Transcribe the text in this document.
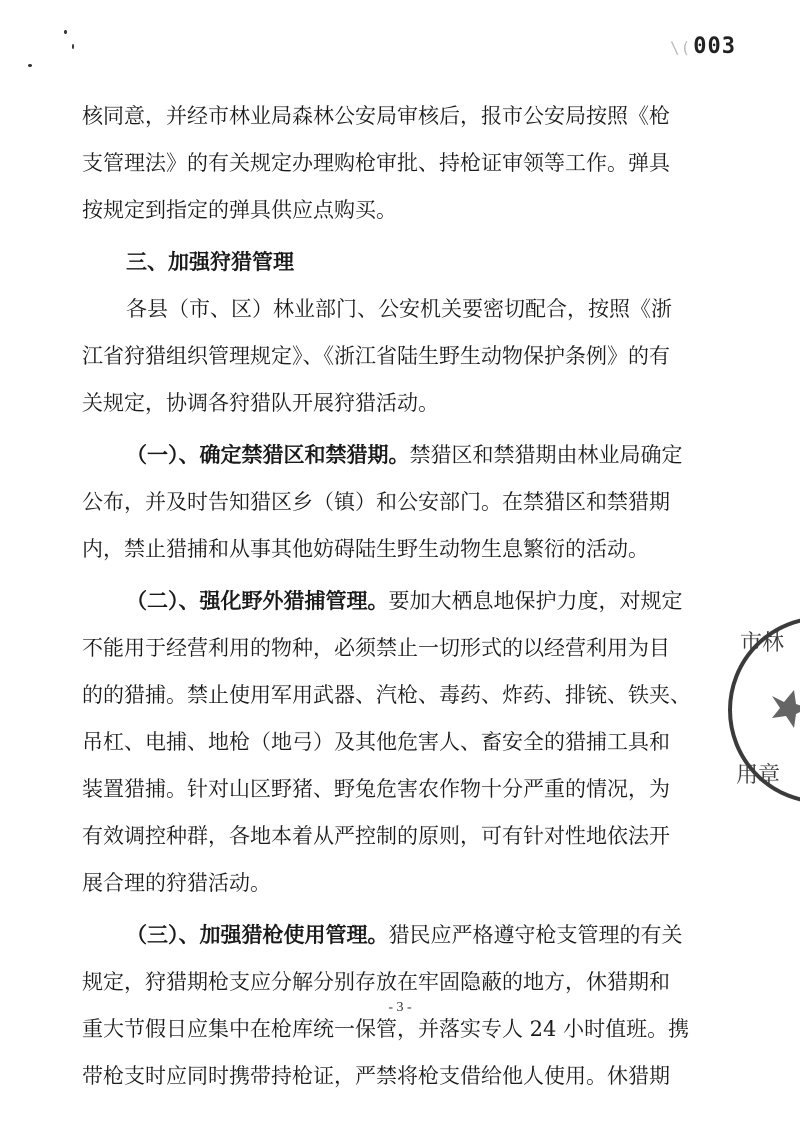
\(003
核同意，并经市林业局森林公安局审核后，报市公安局按照《枪
支管理法》的有关规定办理购枪审批、持枪证审领等工作。弹具
按规定到指定的弹具供应点购买。
三、加强狩猎管理
各县（市、区）林业部门、公安机关要密切配合，按照《浙
江省狩猎组织管理规定》、《浙江省陆生野生动物保护条例》的有
关规定，协调各狩猎队开展狩猎活动。
（一）、确定禁猎区和禁猎期。禁猎区和禁猎期由林业局确定
公布，并及时告知猎区乡（镇）和公安部门。在禁猎区和禁猎期
内，禁止猎捕和从事其他妨碍陆生野生动物生息繁衍的活动。
（二）、强化野外猎捕管理。要加大栖息地保护力度，对规定
不能用于经营利用的物种，必须禁止一切形式的以经营利用为目
的的猎捕。禁止使用军用武器、汽枪、毒药、炸药、排铳、铁夹、
吊杠、电捕、地枪（地弓）及其他危害人、畜安全的猎捕工具和
装置猎捕。针对山区野猪、野兔危害农作物十分严重的情况，为
有效调控种群，各地本着从严控制的原则，可有针对性地依法开
展合理的狩猎活动。
（三）、加强猎枪使用管理。猎民应严格遵守枪支管理的有关
规定，狩猎期枪支应分解分别存放在牢固隐蔽的地方，休猎期和
重大节假日应集中在枪库统一保管，并落实专人 24 小时值班。携
带枪支时应同时携带持枪证，严禁将枪支借给他人使用。休猎期
市林
用章
- 3 -
